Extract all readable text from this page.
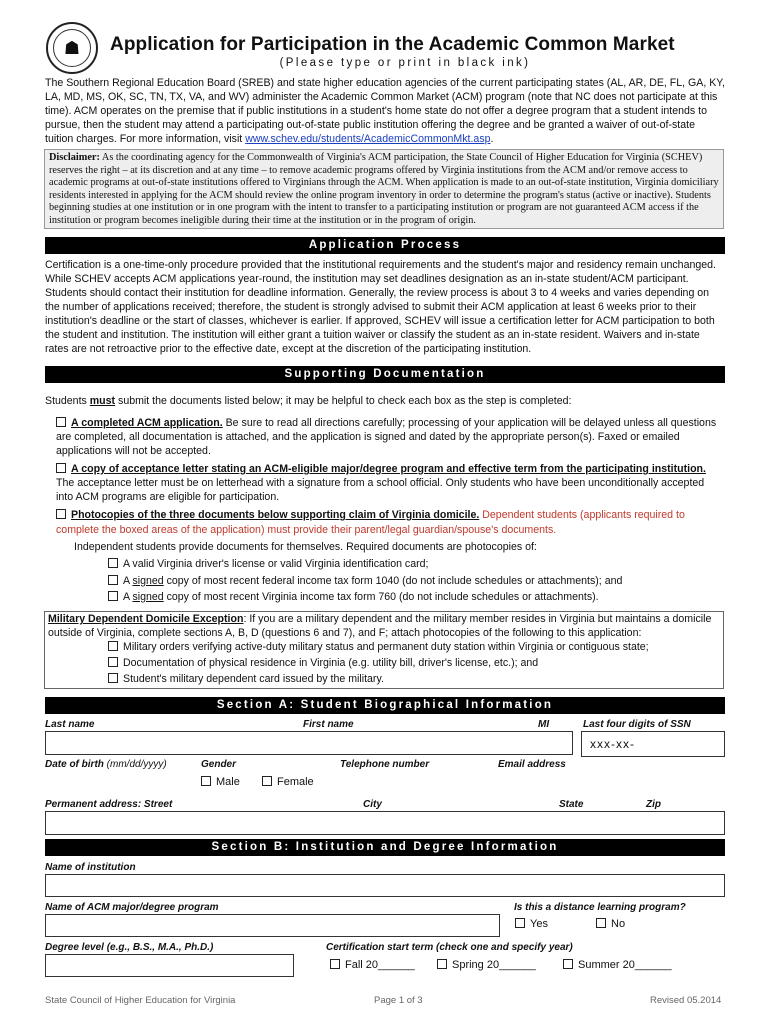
☗ Application for Participation in the Academic Common Market
(Please type or print in black ink)
The Southern Regional Education Board (SREB) and state higher education agencies of the current participating states (AL, AR, DE, FL, GA, KY, LA, MD, MS, OK, SC, TN, TX, VA, and WV) administer the Academic Common Market (ACM) program (note that NC does not participate at this time). ACM operates on the premise that if public institutions in a student's home state do not offer a degree program that a student intends to pursue, then the student may attend a participating out-of-state public institution offering the degree and be granted a waiver of out-of-state tuition charges. For more information, visit www.schev.edu/students/AcademicCommonMkt.asp.
Disclaimer: As the coordinating agency for the Commonwealth of Virginia's ACM participation, the State Council of Higher Education for Virginia (SCHEV) reserves the right – at its discretion and at any time – to remove academic programs offered by Virginia institutions from the ACM and/or remove access to academic programs at out-of-state institutions offered to Virginians through the ACM. When application is made to an out-of-state institution, Virginia domiciliary residents interested in applying for the ACM should review the online program inventory in order to determine the program's status (active or inactive). Students beginning studies at one institution or in one program with the intent to transfer to a participating institution or program are not guaranteed ACM access if the institution or program becomes ineligible during their time at the institution or in the program of origin.
Application Process
Certification is a one-time-only procedure provided that the institutional requirements and the student's major and residency remain unchanged. While SCHEV accepts ACM applications year-round, the institution may set deadlines designation as an in-state student/ACM participant. Students should contact their institution for deadline information. Generally, the review process is about 3 to 4 weeks and varies depending on the number of applications received; therefore, the student is strongly advised to submit their ACM application at least 6 weeks prior to their institution's deadline or the start of classes, whichever is earlier. If approved, SCHEV will issue a certification letter for ACM participation to both the student and institution. The institution will either grant a tuition waiver or classify the student as an in-state resident. Waivers and in-state rates are not retroactive prior to the effective date, except at the discretion of the participating institution.
Supporting Documentation
Students must submit the documents listed below; it may be helpful to check each box as the step is completed:
A completed ACM application. Be sure to read all directions carefully; processing of your application will be delayed unless all questions are completed, all documentation is attached, and the application is signed and dated by the appropriate person(s). Faxed or emailed applications will not be accepted.
A copy of acceptance letter stating an ACM-eligible major/degree program and effective term from the participating institution. The acceptance letter must be on letterhead with a signature from a school official. Only students who have been unconditionally accepted into ACM programs are eligible for participation.
Photocopies of the three documents below supporting claim of Virginia domicile. Dependent students (applicants required to complete the boxed areas of the application) must provide their parent/legal guardian/spouse's documents.
Independent students provide documents for themselves. Required documents are photocopies of:
A valid Virginia driver's license or valid Virginia identification card;
A signed copy of most recent federal income tax form 1040 (do not include schedules or attachments); and
A signed copy of most recent Virginia income tax form 760 (do not include schedules or attachments).
Military Dependent Domicile Exception: If you are a military dependent and the military member resides in Virginia but maintains a domicile outside of Virginia, complete sections A, B, D (questions 6 and 7), and F; attach photocopies of the following to this application:
Military orders verifying active-duty military status and permanent duty station within Virginia or contiguous state;
Documentation of physical residence in Virginia (e.g. utility bill, driver's license, etc.); and
Student's military dependent card issued by the military.
Section A: Student Biographical Information
Last name	First name	MI	Last four digits of SSN
xxx-xx-
Date of birth (mm/dd/yyyy)	Gender	Telephone number	Email address
Male	Female
Permanent address: Street	City	State	Zip
Section B: Institution and Degree Information
Name of institution
Name of ACM major/degree program	Is this a distance learning program?
Yes	No
Degree level (e.g., B.S., M.A., Ph.D.)	Certification start term (check one and specify year)
Fall 20______	Spring 20______	Summer 20______
State Council of Higher Education for Virginia	Page 1 of 3	Revised 05.2014
